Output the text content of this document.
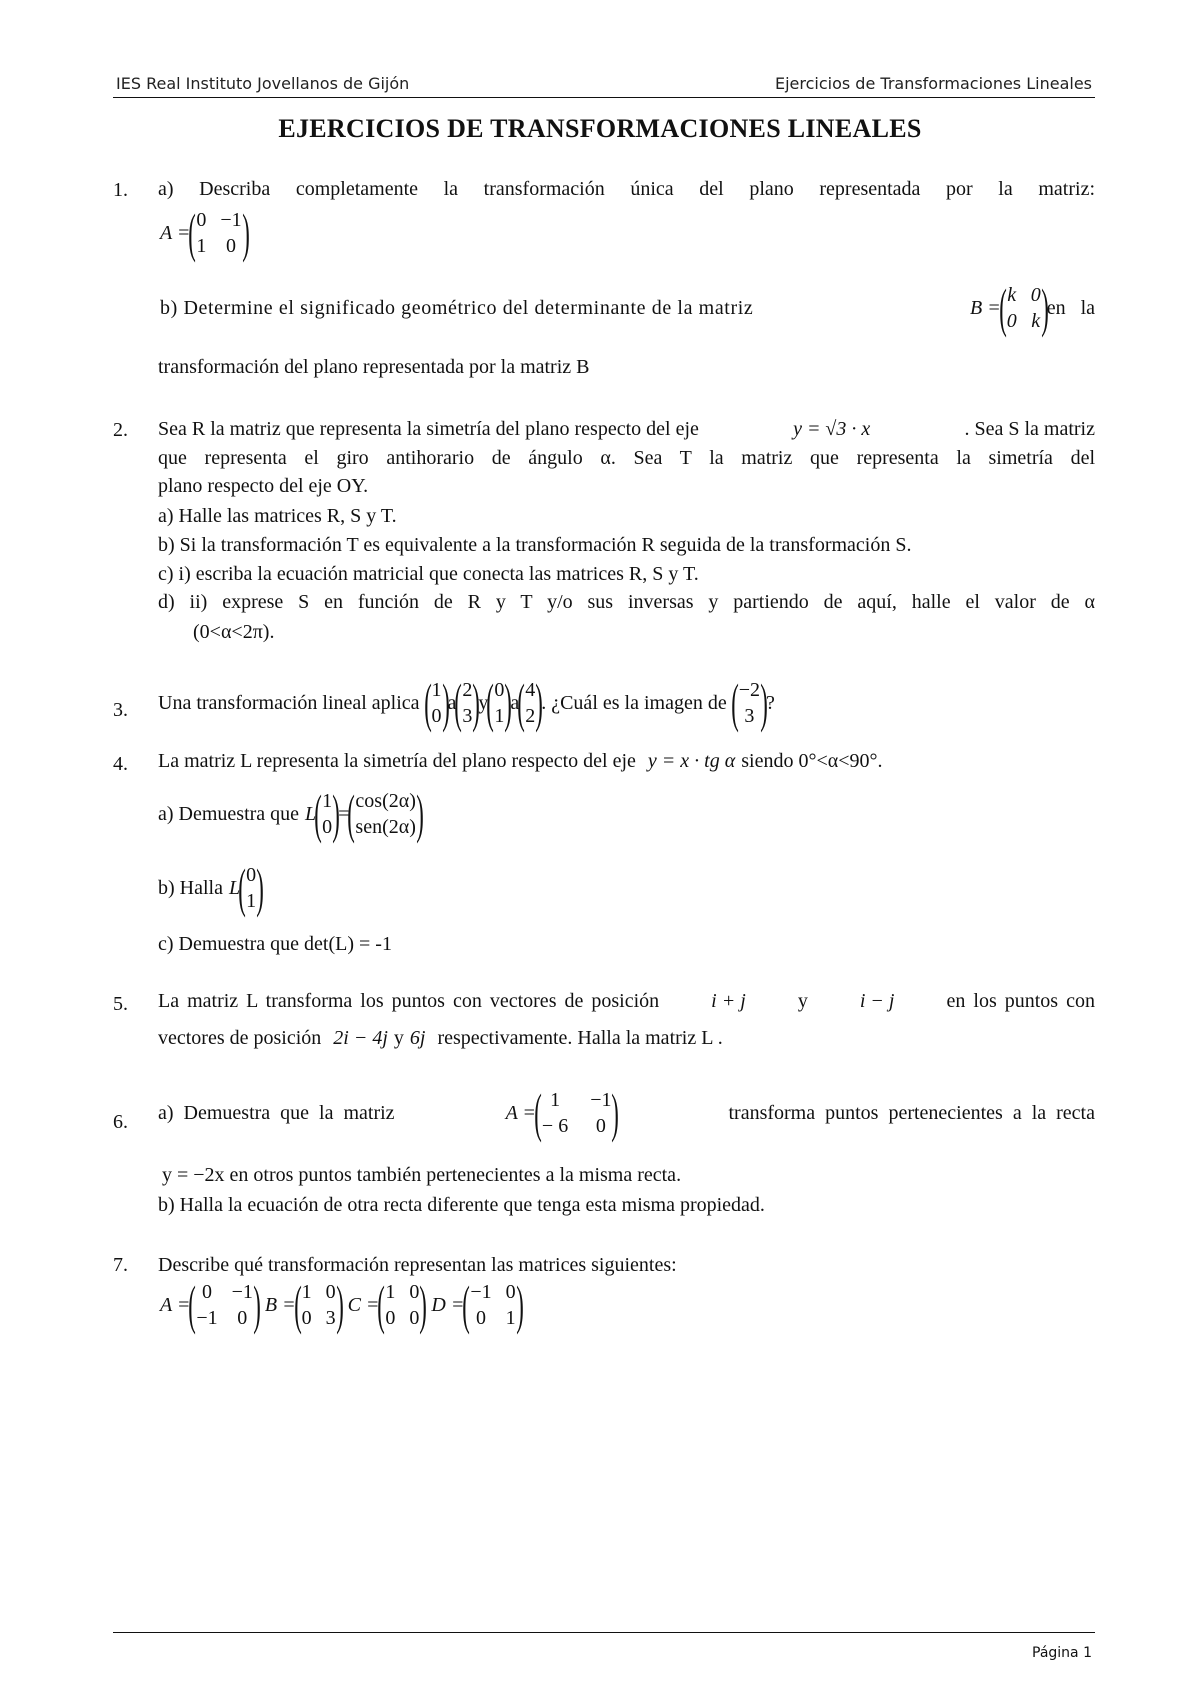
IES Real Instituto Jovellanos de Gijón	Ejercicios de Transformaciones Lineales
EJERCICIOS DE TRANSFORMACIONES LINEALES
1. a) Describa completamente la transformación única del plano representada por la matriz:
A =
( 0 −1
1 0 )
b) Determine el significado geométrico del determinante de la matriz	B =
( k 0
0 k )
en la
transformación del plano representada por la matriz B
2. Sea R la matriz que representa la simetría del plano respecto del eje	y = √3 · x	. Sea S la matriz
que representa el giro antihorario de ángulo α. Sea T la matriz que representa la simetría del
plano respecto del eje OY.
a) Halle las matrices R, S y T.
b) Si la transformación T es equivalente a la transformación R seguida de la transformación S.
c) i) escriba la ecuación matricial que conecta las matrices R, S y T.
d) ii) exprese S en función de R y T y/o sus inversas y partiendo de aquí, halle el valor de α
(0<α<2π).
3. Una transformación lineal aplica ( 1
0 )
a
( 2
3 )
y
( 0
1 )
a
( 4
2 )
. ¿Cuál es la imagen de ( −2
3 )
?
4. La matriz L representa la simetría del plano respecto del eje y = x · tg α siendo 0°<α<90°.
a) Demuestra que L
( 1
0 )
=
( cos(2α)
sen(2α) )
b) Halla L
( 0
1 )
c) Demuestra que det(L) = -1
5. La matriz L transforma los puntos con vectores de posición	i + j	y	i − j	en los puntos con
vectores de posición 2i − 4j y 6j respectivamente. Halla la matriz L .
6. a)  Demuestra  que  la  matriz	A =
( 1 −1
− 6 0 )	transforma  puntos  pertenecientes  a  la  recta
y = −2x en otros puntos también pertenecientes a la misma recta.
b) Halla la ecuación de otra recta diferente que tenga esta misma propiedad.
7. Describe qué transformación representan las matrices siguientes:
A =
( 0 −1
−1 0 ) B =
( 1 0
0 3 ) C =
( 1 0
0 0 ) D =
( −1 0
0 1 )
Página 1
